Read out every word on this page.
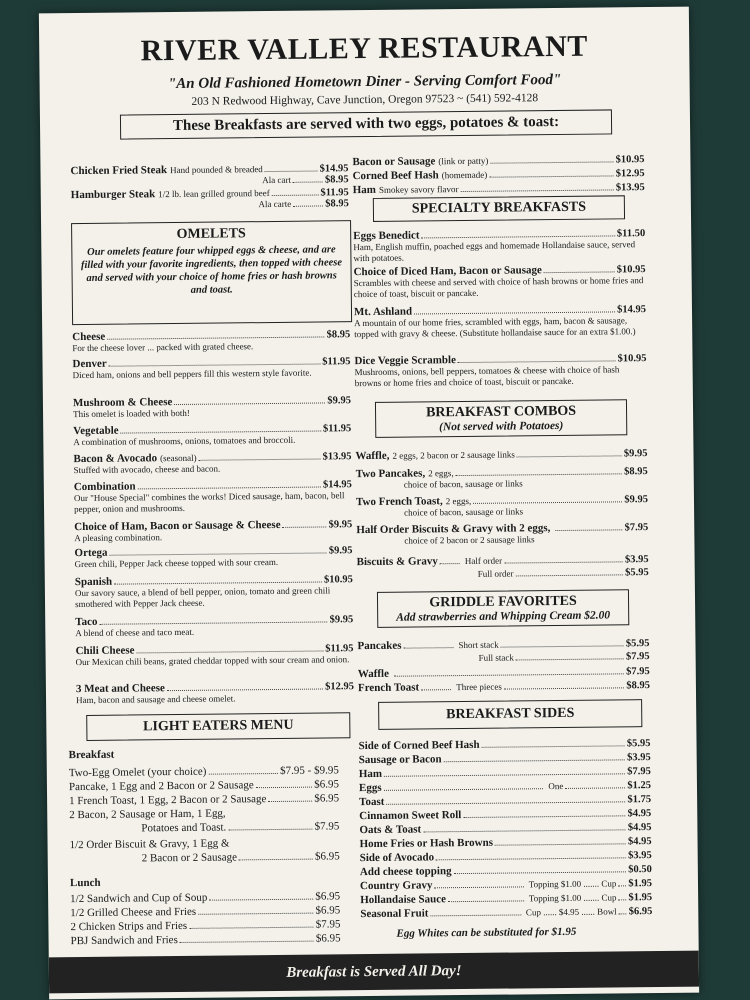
RIVER VALLEY RESTAURANT
"An Old Fashioned Hometown Diner - Serving Comfort Food"
203 N Redwood Highway, Cave Junction, Oregon 97523 ~ (541) 592-4128
These Breakfasts are served with two eggs, potatoes & toast:
Chicken Fried Steak Hand pounded & breaded	$14.95
Ala cart	$8.95
Hamburger Steak 1/2 lb. lean grilled ground beef	$11.95
Ala carte	$8.95
OMELETS
Our omelets feature four whipped eggs & cheese, and are filled with your favorite ingredients, then topped with cheese and served with your choice of home fries or hash browns and toast.
Cheese	$8.95
For the cheese lover ... packed with grated cheese.
Denver	$11.95
Diced ham, onions and bell peppers fill this western style favorite.
Mushroom & Cheese	$9.95
This omelet is loaded with both!
Vegetable	$11.95
A combination of mushrooms, onions, tomatoes and broccoli.
Bacon & Avocado (seasonal)	$13.95
Stuffed with avocado, cheese and bacon.
Combination	$14.95
Our "House Special" combines the works! Diced sausage, ham, bacon, bell pepper, onion and mushrooms.
Choice of Ham, Bacon or Sausage & Cheese	$9.95
A pleasing combination.
Ortega	$9.95
Green chili, Pepper Jack cheese topped with sour cream.
Spanish	$10.95
Our savory sauce, a blend of bell pepper, onion, tomato and green chili smothered with Pepper Jack cheese.
Taco	$9.95
A blend of cheese and taco meat.
Chili Cheese	$11.95
Our Mexican chili beans, grated cheddar topped with sour cream and onion.
3 Meat and Cheese	$12.95
Ham, bacon and sausage and cheese omelet.
LIGHT EATERS MENU
Breakfast
Two-Egg Omelet (your choice)	$7.95 - $9.95
Pancake, 1 Egg and 2 Bacon or 2 Sausage	$6.95
1 French Toast, 1 Egg, 2 Bacon or 2 Sausage	$6.95
2 Bacon, 2 Sausage or Ham, 1 Egg,
Potatoes and Toast.	$7.95
1/2 Order Biscuit & Gravy, 1 Egg &
2 Bacon or 2 Sausage	$6.95
Lunch
1/2 Sandwich and Cup of Soup	$6.95
1/2 Grilled Cheese and Fries	$6.95
2 Chicken Strips and Fries	$7.95
PBJ Sandwich and Fries	$6.95
Bacon or Sausage (link or patty)	$10.95
Corned Beef Hash (homemade)	$12.95
Ham Smokey savory flavor	$13.95
SPECIALTY BREAKFASTS
Eggs Benedict	$11.50
Ham, English muffin, poached eggs and homemade Hollandaise sauce, served with potatoes.
Choice of Diced Ham, Bacon or Sausage	$10.95
Scrambles with cheese and served with choice of hash browns or home fries and choice of toast, biscuit or pancake.
Mt. Ashland	$14.95
A mountain of our home fries, scrambled with eggs, ham, bacon & sausage, topped with gravy & cheese. (Substitute hollandaise sauce for an extra $1.00.)
Dice Veggie Scramble	$10.95
Mushrooms, onions, bell peppers, tomatoes & cheese with choice of hash browns or home fries and choice of toast, biscuit or pancake.
BREAKFAST COMBOS
(Not served with Potatoes)
Waffle, 2 eggs, 2 bacon or 2 sausage links	$9.95
Two Pancakes, 2 eggs,	$8.95
choice of bacon, sausage or links
Two French Toast, 2 eggs,	$9.95
choice of bacon, sausage or links
Half Order Biscuits & Gravy with 2 eggs,	$7.95
choice of 2 bacon or 2 sausage links
Biscuits & Gravy	Half order	$3.95
Full order	$5.95
GRIDDLE FAVORITES
Add strawberries and Whipping Cream $2.00
Pancakes	Short stack	$5.95
Full stack	$7.95
Waffle	$7.95
French Toast	Three pieces	$8.95
BREAKFAST SIDES
Side of Corned Beef Hash	$5.95
Sausage or Bacon	$3.95
Ham	$7.95
Eggs	One	$1.25
Toast	$1.75
Cinnamon Sweet Roll	$4.95
Oats & Toast	$4.95
Home Fries or Hash Browns	$4.95
Side of Avocado	$3.95
Add cheese topping	$0.50
Country Gravy	Topping $1.00 ....... Cup $1.95
Hollandaise Sauce	Topping $1.00 ....... Cup $1.95
Seasonal Fruit	Cup ...... $4.95 ...... Bowl $6.95
Egg Whites can be substituted for $1.95
Breakfast is Served All Day!
